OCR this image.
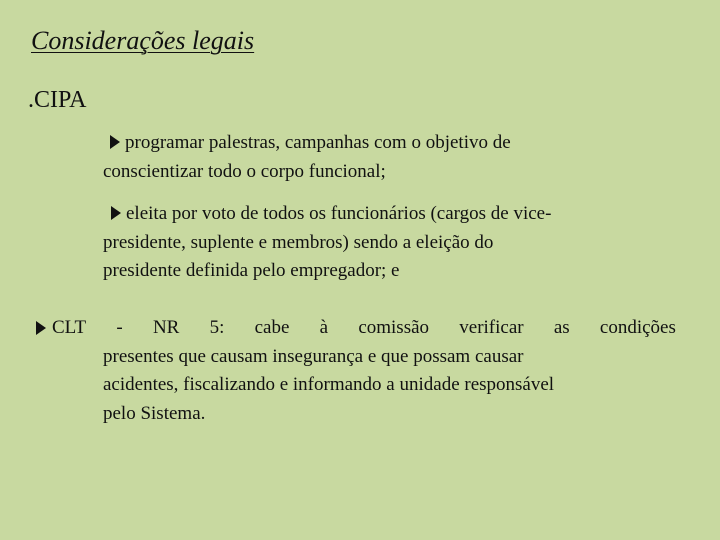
Considerações legais
.CIPA
programar palestras, campanhas com o objetivo de
conscientizar todo o corpo funcional;
eleita por voto de todos os funcionários (cargos de vice-
presidente, suplente e membros) sendo a eleição do
presidente definida pelo empregador; e
CLT - NR 5: cabe à comissão verificar as condições
presentes que causam insegurança e que possam causar
acidentes, fiscalizando e informando a unidade responsável
pelo Sistema.
